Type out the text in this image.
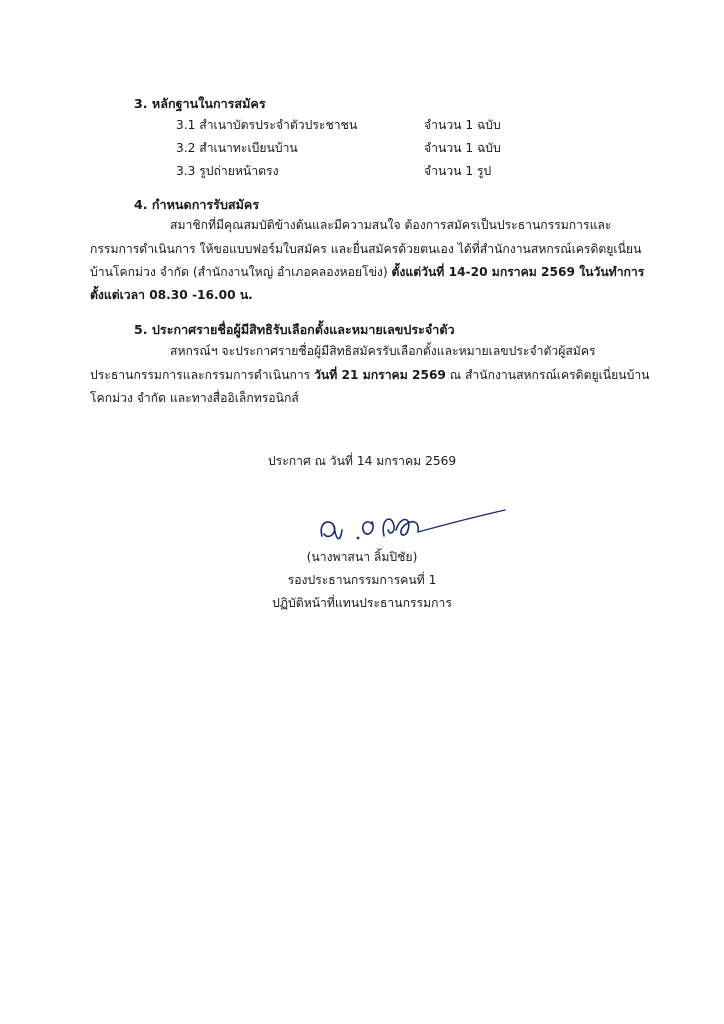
3. หลักฐานในการสมัคร
3.1 สำเนาบัตรประจำตัวประชาชน	จำนวน 1 ฉบับ
3.2 สำเนาทะเบียนบ้าน	จำนวน 1 ฉบับ
3.3 รูปถ่ายหน้าตรง	จำนวน 1 รูป
4. กำหนดการรับสมัคร
สมาชิกที่มีคุณสมบัติข้างต้นและมีความสนใจ ต้องการสมัครเป็นประธานกรรมการและ
กรรมการดำเนินการ ให้ขอแบบฟอร์มใบสมัคร และยื่นสมัครด้วยตนเอง ได้ที่สำนักงานสหกรณ์เครดิตยูเนี่ยน
บ้านโคกม่วง จำกัด (สำนักงานใหญ่ อำเภอคลองหอยโข่ง) ตั้งแต่วันที่ 14-20 มกราคม 2569 ในวันทำการ
ตั้งแต่เวลา 08.30 -16.00 น.
5. ประกาศรายชื่อผู้มีสิทธิรับเลือกตั้งและหมายเลขประจำตัว
สหกรณ์ฯ จะประกาศรายชื่อผู้มีสิทธิสมัครรับเลือกตั้งและหมายเลขประจำตัวผู้สมัคร
ประธานกรรมการและกรรมการดำเนินการ วันที่ 21 มกราคม 2569 ณ สำนักงานสหกรณ์เครดิตยูเนี่ยนบ้าน
โคกม่วง จำกัด และทางสื่ออิเล็กทรอนิกส์
ประกาศ ณ วันที่ 14 มกราคม 2569
(นางพาสนา ลิ้มปิชัย)
รองประธานกรรมการคนที่ 1
ปฏิบัติหน้าที่แทนประธานกรรมการ
